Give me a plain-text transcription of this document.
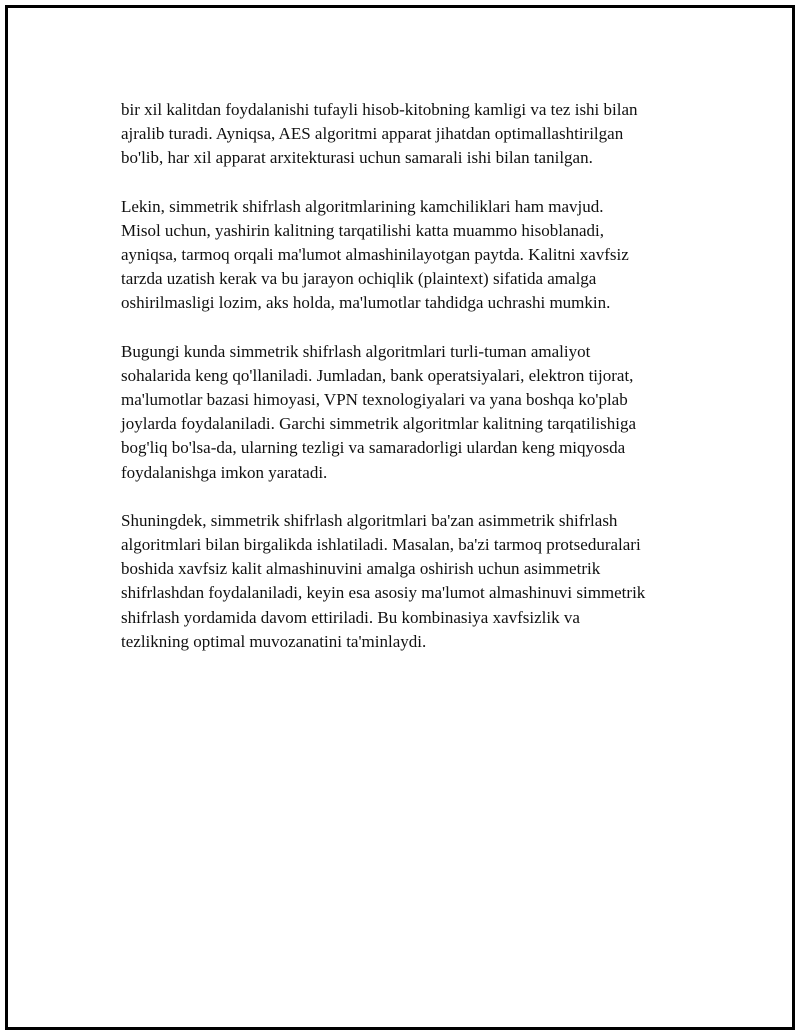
bir xil kalitdan foydalanishi tufayli hisob-kitobning kamligi va tez ishi bilan
ajralib turadi. Ayniqsa, AES algoritmi apparat jihatdan optimallashtirilgan
bo'lib, har xil apparat arxitekturasi uchun samarali ishi bilan tanilgan.

Lekin, simmetrik shifrlash algoritmlarining kamchiliklari ham mavjud.
Misol uchun, yashirin kalitning tarqatilishi katta muammo hisoblanadi,
ayniqsa, tarmoq orqali ma'lumot almashinilayotgan paytda. Kalitni xavfsiz
tarzda uzatish kerak va bu jarayon ochiqlik (plaintext) sifatida amalga
oshirilmasligi lozim, aks holda, ma'lumotlar tahdidga uchrashi mumkin.

Bugungi kunda simmetrik shifrlash algoritmlari turli-tuman amaliyot
sohalarida keng qo'llaniladi. Jumladan, bank operatsiyalari, elektron tijorat,
ma'lumotlar bazasi himoyasi, VPN texnologiyalari va yana boshqa ko'plab
joylarda foydalaniladi. Garchi simmetrik algoritmlar kalitning tarqatilishiga
bog'liq bo'lsa-da, ularning tezligi va samaradorligi ulardan keng miqyosda
foydalanishga imkon yaratadi.

Shuningdek, simmetrik shifrlash algoritmlari ba'zan asimmetrik shifrlash
algoritmlari bilan birgalikda ishlatiladi. Masalan, ba'zi tarmoq protseduralari
boshida xavfsiz kalit almashinuvini amalga oshirish uchun asimmetrik
shifrlashdan foydalaniladi, keyin esa asosiy ma'lumot almashinuvi simmetrik
shifrlash yordamida davom ettiriladi. Bu kombinasiya xavfsizlik va
tezlikning optimal muvozanatini ta'minlaydi.
